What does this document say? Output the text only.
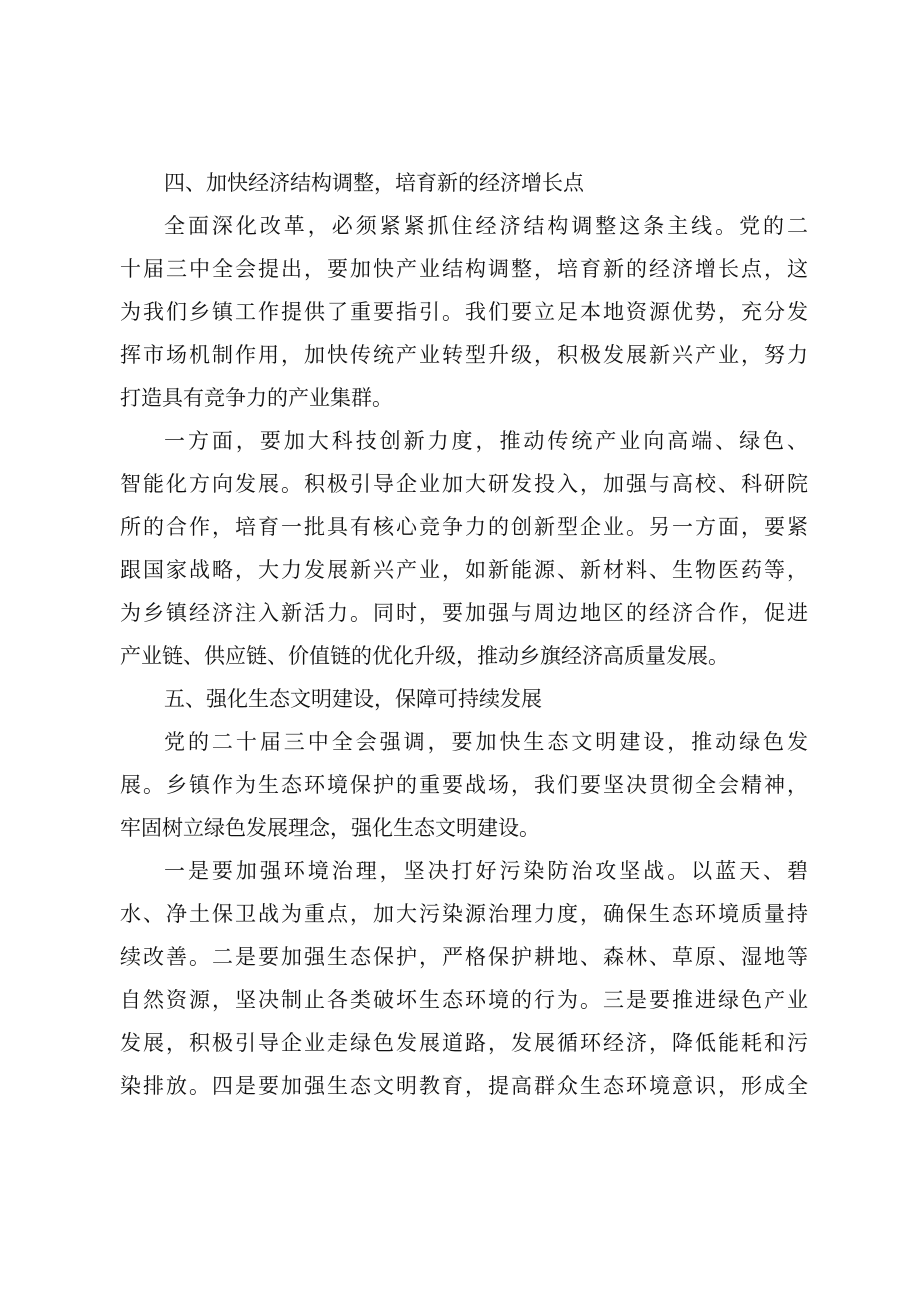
四、加快经济结构调整，培育新的经济增长点
全面深化改革，必须紧紧抓住经济结构调整这条主线。党的二
十届三中全会提出，要加快产业结构调整，培育新的经济增长点，这
为我们乡镇工作提供了重要指引。我们要立足本地资源优势，充分发
挥市场机制作用，加快传统产业转型升级，积极发展新兴产业，努力
打造具有竞争力的产业集群。
一方面，要加大科技创新力度，推动传统产业向高端、绿色、
智能化方向发展。积极引导企业加大研发投入，加强与高校、科研院
所的合作，培育一批具有核心竞争力的创新型企业。另一方面，要紧
跟国家战略，大力发展新兴产业，如新能源、新材料、生物医药等，
为乡镇经济注入新活力。同时，要加强与周边地区的经济合作，促进
产业链、供应链、价值链的优化升级，推动乡旗经济高质量发展。
五、强化生态文明建设，保障可持续发展
党的二十届三中全会强调，要加快生态文明建设，推动绿色发
展。乡镇作为生态环境保护的重要战场，我们要坚决贯彻全会精神，
牢固树立绿色发展理念，强化生态文明建设。
一是要加强环境治理，坚决打好污染防治攻坚战。以蓝天、碧
水、净土保卫战为重点，加大污染源治理力度，确保生态环境质量持
续改善。二是要加强生态保护，严格保护耕地、森林、草原、湿地等
自然资源，坚决制止各类破坏生态环境的行为。三是要推进绿色产业
发展，积极引导企业走绿色发展道路，发展循环经济，降低能耗和污
染排放。四是要加强生态文明教育，提高群众生态环境意识，形成全
